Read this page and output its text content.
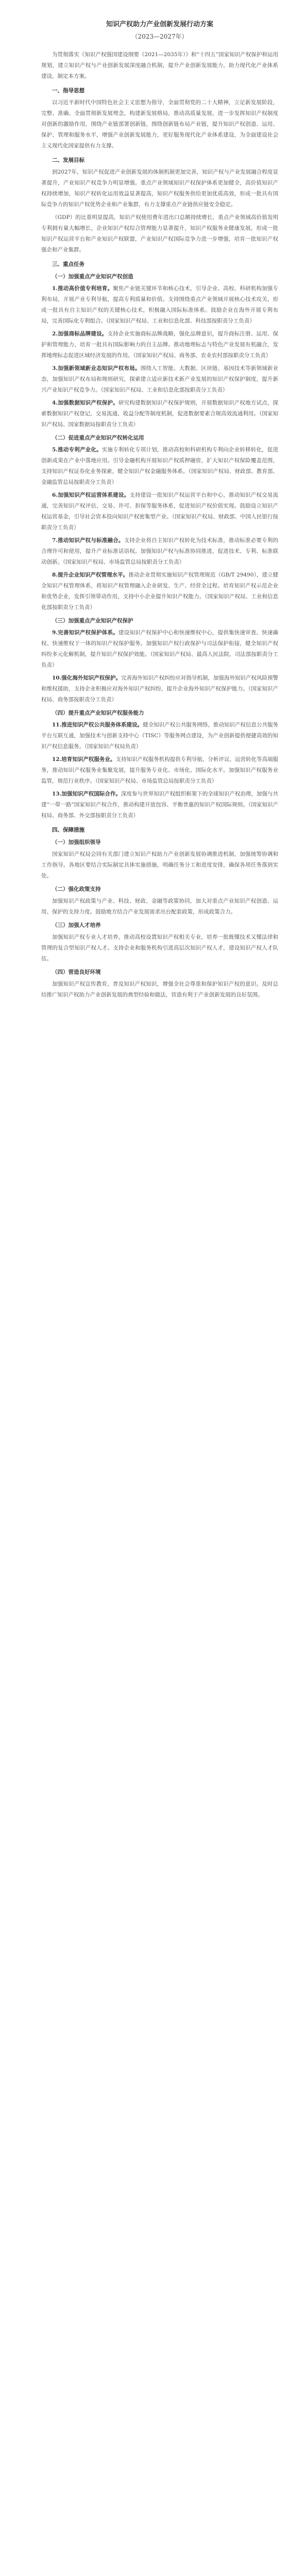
知识产权助力产业创新发展行动方案
（2023—2027年）

为贯彻落实《知识产权强国建设纲要（2021—2035年）》和“十四五”国家知识产权保护和运用规划，建立知识产权与产业创新发展深度融合机制，提升产业创新发展能力，助力现代化产业体系建设，制定本方案。

一、指导思想

以习近平新时代中国特色社会主义思想为指导，全面贯彻党的二十大精神，立足新发展阶段，完整、准确、全面贯彻新发展理念，构建新发展格局，推动高质量发展，进一步发挥知识产权制度对创新的激励作用，围绕产业链部署创新链，围绕创新链布局产业链，提升知识产权创造、运用、保护、管理和服务水平，增强产业创新发展能力，更好服务现代化产业体系建设，为全面建设社会主义现代化国家提供有力支撑。

二、发展目标

到2027年，知识产权促进产业创新发展的体制机制更加完善，知识产权与产业发展融合程度显著提升，产业知识产权竞争力明显增强。重点产业领域知识产权保护体系更加健全，高价值知识产权持续增加，知识产权转化运用效益显著提高，知识产权服务供给更加优质高效，形成一批具有国际竞争力的知识产权优势企业和产业集群，有力支撑重点产业链供应链安全稳定。

（GDP）的比重明显提高，知识产权使用费年进出口总额持续增长，重点产业领域高价值发明专利拥有量大幅增长，企业知识产权综合管理能力显著提升，知识产权服务业健康发展，形成一批知识产权运营平台和产业知识产权联盟，产业知识产权国际竞争力进一步增强，培育一批知识产权强企和产业集群。

三、重点任务
（一）加强重点产业知识产权创造

1.推动高价值专利培育。聚焦产业链关键环节和核心技术，引导企业、高校、科研机构加强专利布局，开展产业专利导航，提高专利质量和价值。支持围绕重点产业领域开展核心技术攻关，形成一批具有自主知识产权的关键核心技术，积极融入国际标准体系。鼓励企业在海外开展专利布局，完善国际化专利组合。（国家知识产权局、工业和信息化部、科技部按职责分工负责）

2.加强商标品牌建设。支持企业实施商标品牌战略，强化品牌意识，提升商标注册、运用、保护和管理能力，培育一批具有国际影响力的自主品牌。推动地理标志与特色产业发展有机融合，发挥地理标志促进区域经济发展的作用。（国家知识产权局、商务部、农业农村部按职责分工负责）

3.加强新领域新业态知识产权布局。围绕人工智能、大数据、区块链、基因技术等新领域新业态，加强知识产权布局和规则研究，探索建立适应新技术新产业发展的知识产权保护制度，提升新兴产业知识产权竞争力。（国家知识产权局、工业和信息化部按职责分工负责）

4.加强数据知识产权保护。研究构建数据知识产权保护规则，开展数据知识产权地方试点，探索数据知识产权登记、交易流通、收益分配等制度机制，促进数据要素合规高效流通利用。（国家知识产权局、国家数据局按职责分工负责）

（二）促进重点产业知识产权转化运用

5.推动专利产业化。实施专利转化专项计划，推动高校和科研机构专利向企业转移转化，促进创新成果在产业中落地应用。引导金融机构开展知识产权质押融资，扩大知识产权保险覆盖范围，支持知识产权证券化业务探索，健全知识产权金融服务体系。（国家知识产权局、财政部、教育部、金融监管总局按职责分工负责）

6.加强知识产权运营体系建设。支持建设一批知识产权运营平台和中心，推动知识产权交易流通，完善知识产权评估、交易、许可、担保等服务体系，促进知识产权价值实现。鼓励设立知识产权运营基金，引导社会资本投向知识产权密集型产业。（国家知识产权局、财政部、中国人民银行按职责分工负责）

7.推动知识产权与标准融合。支持企业将自主知识产权转化为技术标准，推动标准必要专利的合理许可和使用，提升产业标准话语权。加强知识产权与标准协同推进，促进技术、专利、标准联动创新。（国家知识产权局、市场监管总局按职责分工负责）

8.提升企业知识产权管理水平。推动企业贯彻实施知识产权管理规范（GB/T 29490），建立健全知识产权管理体系，将知识产权管理融入企业研发、生产、经营全过程。培育知识产权示范企业和优势企业，发挥引领带动作用，支持中小企业提升知识产权能力。（国家知识产权局、工业和信息化部按职责分工负责）

（三）加强重点产业知识产权保护

9.完善知识产权保护体系。建设知识产权保护中心和快速维权中心，提供集快速审查、快速确权、快速维权于一体的知识产权保护服务。加强知识产权行政保护与司法保护衔接，健全知识产权纠纷多元化解机制，提升知识产权保护效能。（国家知识产权局、最高人民法院、司法部按职责分工负责）

10.强化海外知识产权保护。完善海外知识产权纠纷应对指导机制，加强海外知识产权风险预警和维权援助，支持企业积极应对海外知识产权纠纷，提升企业海外知识产权保护能力。（国家知识产权局、商务部按职责分工负责）

（四）提升重点产业知识产权服务能力

11.推进知识产权公共服务体系建设。健全知识产权公共服务网络，推动知识产权信息公共服务平台互联互通，加强技术与创新支持中心（TISC）等服务网点建设，为产业创新提供便捷高效的知识产权信息服务。（国家知识产权局负责）

12.培育知识产权服务业。支持知识产权服务机构提供专利导航、分析评议、运营转化等高端服务，推动知识产权服务业集聚发展，提升服务专业化、市场化、国际化水平。加强知识产权服务业监管，规范行业秩序。（国家知识产权局、市场监管总局按职责分工负责）

13.加强知识产权国际合作。深度参与世界知识产权组织框架下的全球知识产权治理，加强与共建“一带一路”国家知识产权合作，推动构建开放包容、平衡普惠的知识产权国际规则。（国家知识产权局、商务部、外交部按职责分工负责）

四、保障措施
（一）加强组织领导

国家知识产权局会同有关部门建立知识产权助力产业创新发展协调推进机制，加强统筹协调和工作指导。各地区要结合实际制定具体实施措施，明确任务分工和进度安排，确保各项任务落到实处。

（二）强化政策支持

加强知识产权政策与产业、科技、财政、金融等政策协同，加大对重点产业知识产权创造、运用、保护的支持力度。鼓励地方结合产业发展需求出台配套政策，形成政策合力。

（三）加强人才培养

加强知识产权专业人才培养，推动高校设置知识产权相关专业，培养一批既懂技术又懂法律和管理的复合型知识产权人才。支持企业和服务机构引进高层次知识产权人才，建设知识产权人才队伍。

（四）营造良好环境

加强知识产权宣传教育，普及知识产权知识，增强全社会尊重和保护知识产权的意识。及时总结推广知识产权助力产业创新发展的典型经验和做法，营造有利于产业创新发展的良好氛围。
